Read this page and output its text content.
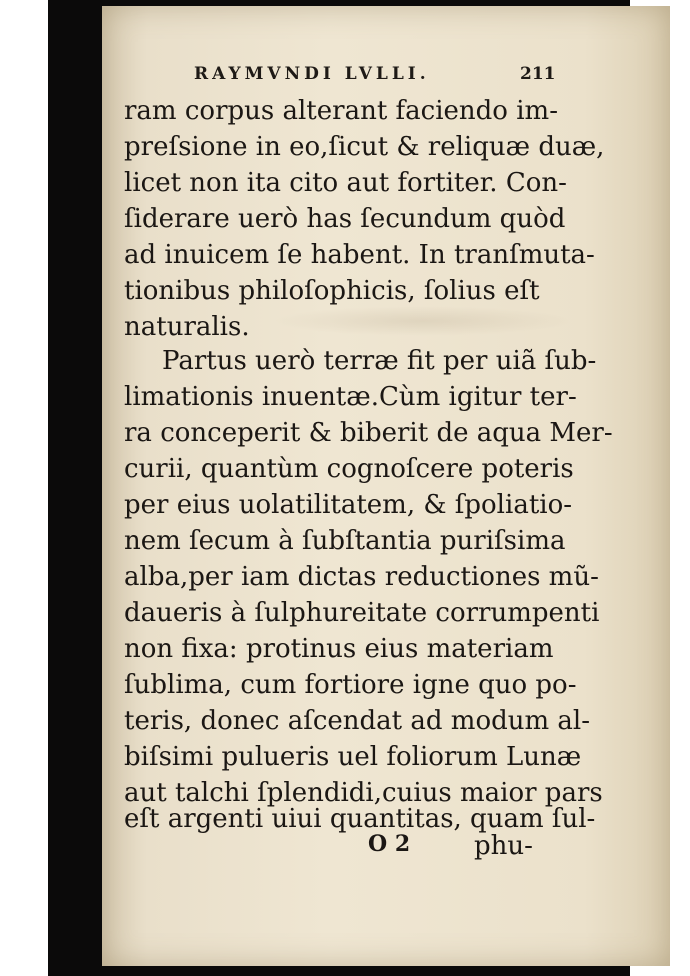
RAYMVNDI LVLLI.	211
ram corpus alterant faciendo im-
preſsione in eo,ſicut & reliquæ duæ,
licet non ita cito aut fortiter. Con-
ſiderare uerò has ſecundum quòd
ad inuicem ſe habent. In tranſmuta-
tionibus philoſophicis, ſolius eſt
naturalis.
Partus uerò terræ fit per uiã ſub-
limationis inuentæ.Cùm igitur ter-
ra conceperit & biberit de aqua Mer-
curii, quantùm cognoſcere poteris
per eius uolatilitatem, & ſpoliatio-
nem ſecum à ſubſtantia puriſsima
alba,per iam dictas reductiones mũ-
daueris à ſulphureitate corrumpenti
non fixa: protinus eius materiam
ſublima, cum fortiore igne quo po-
teris, donec aſcendat ad modum al-
biſsimi pulueris uel foliorum Lunæ
aut talchi ſplendidi,cuius maior pars
eſt argenti uiui quantitas, quam ſul-
O 2 phu-
